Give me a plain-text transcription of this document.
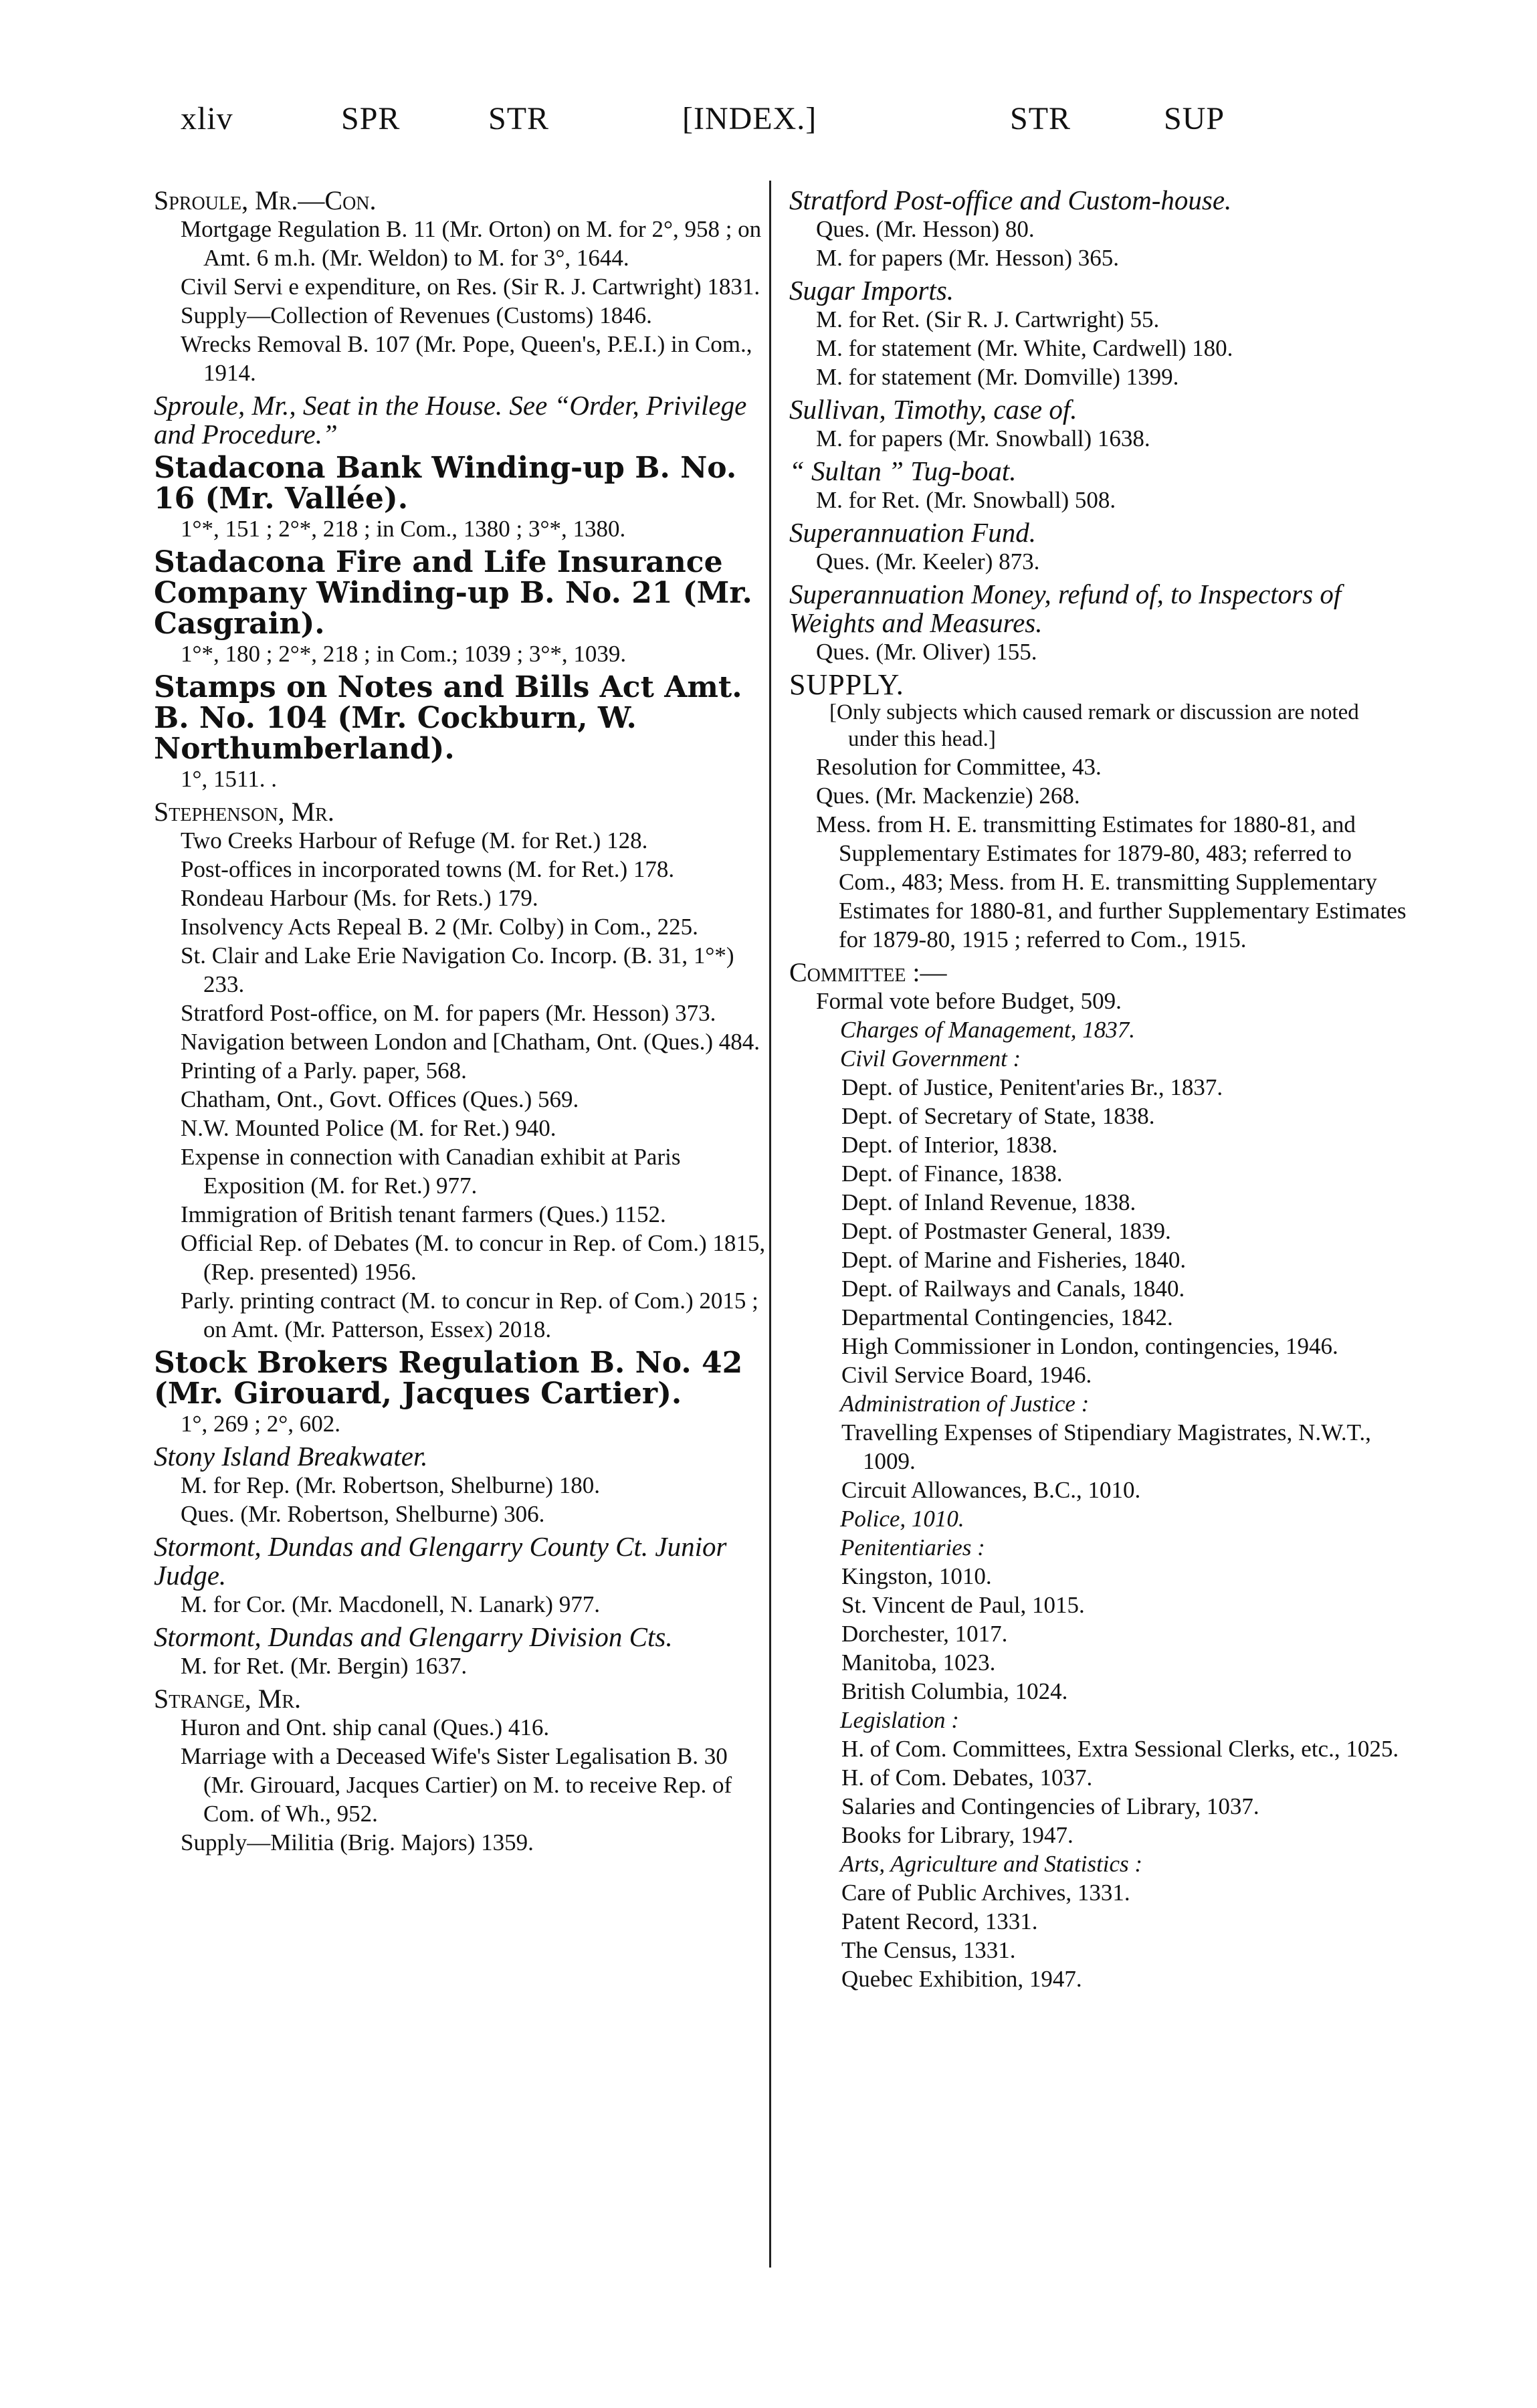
xliv	SPR	STR	[INDEX.]	STR	SUP

Sproule, Mr.—Con.

Mortgage Regulation B. 11 (Mr. Orton) on M. for 2°, 958 ; on Amt. 6 m.h. (Mr. Weldon) to M. for 3°, 1644.

Civil Servi e expenditure, on Res. (Sir R. J. Cartwright) 1831.

Supply—Collection of Revenues (Customs) 1846.

Wrecks Removal B. 107 (Mr. Pope, Queen's, P.E.I.) in Com., 1914.

Sproule, Mr., Seat in the House. See “Order, Privilege and Procedure.”

Stadacona Bank Winding-up B. No. 16 (Mr. Vallée).

1°*, 151 ; 2°*, 218 ; in Com., 1380 ; 3°*, 1380.

Stadacona Fire and Life Insurance Company Winding-up B. No. 21 (Mr. Casgrain).

1°*, 180 ; 2°*, 218 ; in Com.; 1039 ; 3°*, 1039.

Stamps on Notes and Bills Act Amt. B. No. 104 (Mr. Cockburn, W. Northumberland).

1°, 1511. .

Stephenson, Mr.

Two Creeks Harbour of Refuge (M. for Ret.) 128.

Post-offices in incorporated towns (M. for Ret.) 178.

Rondeau Harbour (Ms. for Rets.) 179.

Insolvency Acts Repeal B. 2 (Mr. Colby) in Com., 225.

St. Clair and Lake Erie Navigation Co. Incorp. (B. 31, 1°*) 233.

Stratford Post-office, on M. for papers (Mr. Hesson) 373.

Navigation between London and [Chatham, Ont. (Ques.) 484.

Printing of a Parly. paper, 568.

Chatham, Ont., Govt. Offices (Ques.) 569.

N.W. Mounted Police (M. for Ret.) 940.

Expense in connection with Canadian exhibit at Paris Exposition (M. for Ret.) 977.

Immigration of British tenant farmers (Ques.) 1152.

Official Rep. of Debates (M. to concur in Rep. of Com.) 1815, (Rep. presented) 1956.

Parly. printing contract (M. to concur in Rep. of Com.) 2015 ; on Amt. (Mr. Patterson, Essex) 2018.

Stock Brokers Regulation B. No. 42 (Mr. Girouard, Jacques Cartier).

1°, 269 ; 2°, 602.

Stony Island Breakwater.

M. for Rep. (Mr. Robertson, Shelburne) 180.

Ques. (Mr. Robertson, Shelburne) 306.

Stormont, Dundas and Glengarry County Ct. Junior Judge.

M. for Cor. (Mr. Macdonell, N. Lanark) 977.

Stormont, Dundas and Glengarry Division Cts.

M. for Ret. (Mr. Bergin) 1637.

Strange, Mr.

Huron and Ont. ship canal (Ques.) 416.

Marriage with a Deceased Wife's Sister Legalisation B. 30 (Mr. Girouard, Jacques Cartier) on M. to receive Rep. of Com. of Wh., 952.

Supply—Militia (Brig. Majors) 1359.

Stratford Post-office and Custom-house.

Ques. (Mr. Hesson) 80.

M. for papers (Mr. Hesson) 365.

Sugar Imports.

M. for Ret. (Sir R. J. Cartwright) 55.

M. for statement (Mr. White, Cardwell) 180.

M. for statement (Mr. Domville) 1399.

Sullivan, Timothy, case of.

M. for papers (Mr. Snowball) 1638.

“ Sultan ” Tug-boat.

M. for Ret. (Mr. Snowball) 508.

Superannuation Fund.

Ques. (Mr. Keeler) 873.

Superannuation Money, refund of, to Inspectors of Weights and Measures.

Ques. (Mr. Oliver) 155.

SUPPLY.

[Only subjects which caused remark or discussion are noted under this head.]

Resolution for Committee, 43.

Ques. (Mr. Mackenzie) 268.

Mess. from H. E. transmitting Estimates for 1880-81, and Supplementary Estimates for 1879-80, 483; referred to Com., 483; Mess. from H. E. transmitting Supplementary Estimates for 1880-81, and further Supplementary Estimates for 1879-80, 1915 ; referred to Com., 1915.

Committee :—

Formal vote before Budget, 509.

Charges of Management, 1837.

Civil Government :

Dept. of Justice, Penitent'aries Br., 1837.

Dept. of Secretary of State, 1838.

Dept. of Interior, 1838.

Dept. of Finance, 1838.

Dept. of Inland Revenue, 1838.

Dept. of Postmaster General, 1839.

Dept. of Marine and Fisheries, 1840.

Dept. of Railways and Canals, 1840.

Departmental Contingencies, 1842.

High Commissioner in London, contingencies, 1946.

Civil Service Board, 1946.

Administration of Justice :

Travelling Expenses of Stipendiary Magistrates, N.W.T., 1009.

Circuit Allowances, B.C., 1010.

Police, 1010.

Penitentiaries :

Kingston, 1010.

St. Vincent de Paul, 1015.

Dorchester, 1017.

Manitoba, 1023.

British Columbia, 1024.

Legislation :

H. of Com. Committees, Extra Sessional Clerks, etc., 1025.

H. of Com. Debates, 1037.

Salaries and Contingencies of Library, 1037.

Books for Library, 1947.

Arts, Agriculture and Statistics :

Care of Public Archives, 1331.

Patent Record, 1331.

The Census, 1331.

Quebec Exhibition, 1947.
